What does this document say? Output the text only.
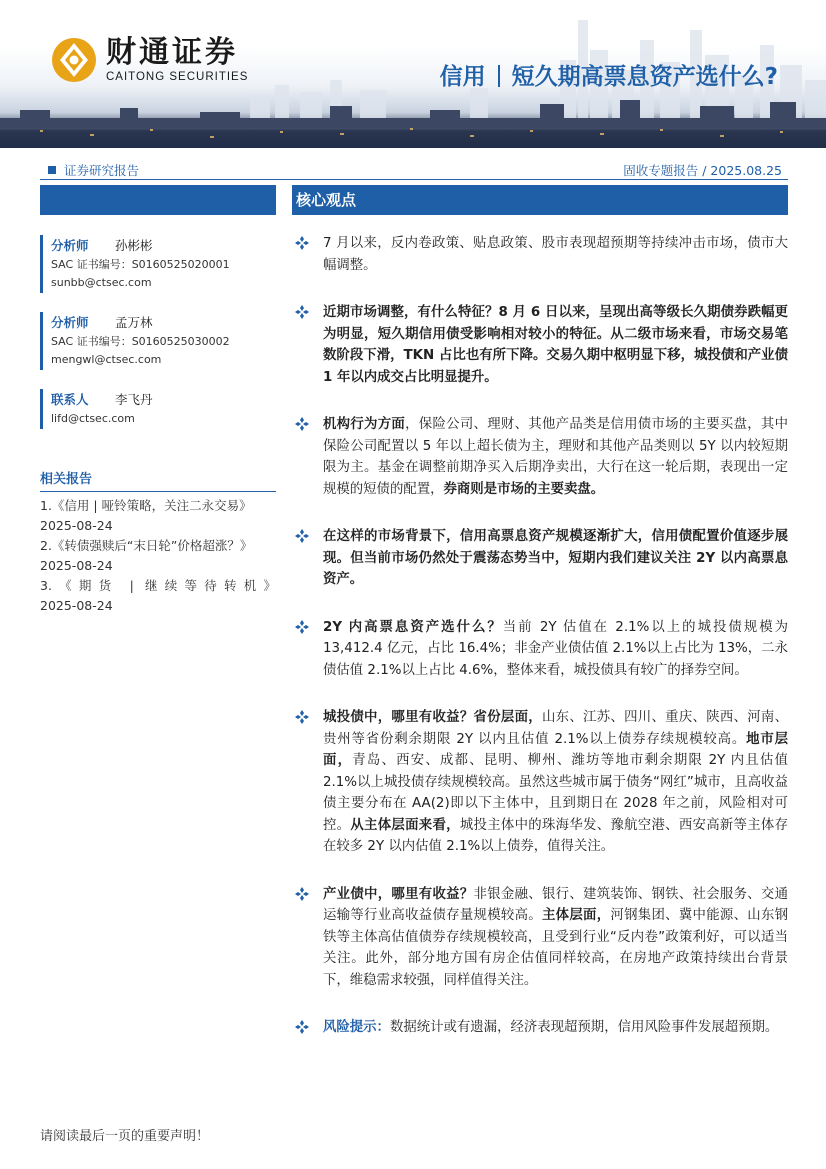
财通证券
CAITONG SECURITIES	信用 短久期高票息资产选什么?
证券研究报告	固收专题报告 / 2025.08.25
分析师 孙彬彬
SAC 证书编号：S0160525020001
sunbb@ctsec.com
分析师 孟万林
SAC 证书编号：S0160525030002
mengwl@ctsec.com
联系人 李飞丹
lifd@ctsec.com
相关报告
1.《信用 | 哑铃策略，关注二永交易》
2025-08-24
2.《转债强赎后“末日轮”价格超涨？》
2025-08-24
3.《期货 | 继续等待转机》
2025-08-24
核心观点
7 月以来，反内卷政策、贴息政策、股市表现超预期等持续冲击市场，债市大幅调整。
近期市场调整，有什么特征？8 月 6 日以来，呈现出高等级长久期债券跌幅更为明显，短久期信用债受影响相对较小的特征。从二级市场来看，市场交易笔数阶段下滑，TKN 占比也有所下降。交易久期中枢明显下移，城投债和产业债 1 年以内成交占比明显提升。
机构行为方面，保险公司、理财、其他产品类是信用债市场的主要买盘，其中保险公司配置以 5 年以上超长债为主，理财和其他产品类则以 5Y 以内较短期限为主。基金在调整前期净买入后期净卖出，大行在这一轮后期，表现出一定规模的短债的配置，券商则是市场的主要卖盘。
在这样的市场背景下，信用高票息资产规模逐渐扩大，信用债配置价值逐步展现。但当前市场仍然处于震荡态势当中，短期内我们建议关注 2Y 以内高票息资产。
2Y 内高票息资产选什么？当前 2Y 估值在 2.1%以上的城投债规模为 13,412.4 亿元，占比 16.4%；非金产业债估值 2.1%以上占比为 13%，二永债估值 2.1%以上占比 4.6%，整体来看，城投债具有较广的择券空间。
城投债中，哪里有收益？省份层面，山东、江苏、四川、重庆、陕西、河南、贵州等省份剩余期限 2Y 以内且估值 2.1%以上债券存续规模较高。地市层面，青岛、西安、成都、昆明、柳州、潍坊等地市剩余期限 2Y 内且估值 2.1%以上城投债存续规模较高。虽然这些城市属于债务“网红”城市，且高收益债主要分布在 AA(2)即以下主体中，且到期日在 2028 年之前，风险相对可控。从主体层面来看，城投主体中的珠海华发、豫航空港、西安高新等主体存在较多 2Y 以内估值 2.1%以上债券，值得关注。
产业债中，哪里有收益？非银金融、银行、建筑装饰、钢铁、社会服务、交通运输等行业高收益债存量规模较高。主体层面，河钢集团、冀中能源、山东钢铁等主体高估值债券存续规模较高，且受到行业“反内卷”政策利好，可以适当关注。此外，部分地方国有房企估值同样较高，在房地产政策持续出台背景下，维稳需求较强，同样值得关注。
风险提示：数据统计或有遗漏，经济表现超预期，信用风险事件发展超预期。
请阅读最后一页的重要声明！
